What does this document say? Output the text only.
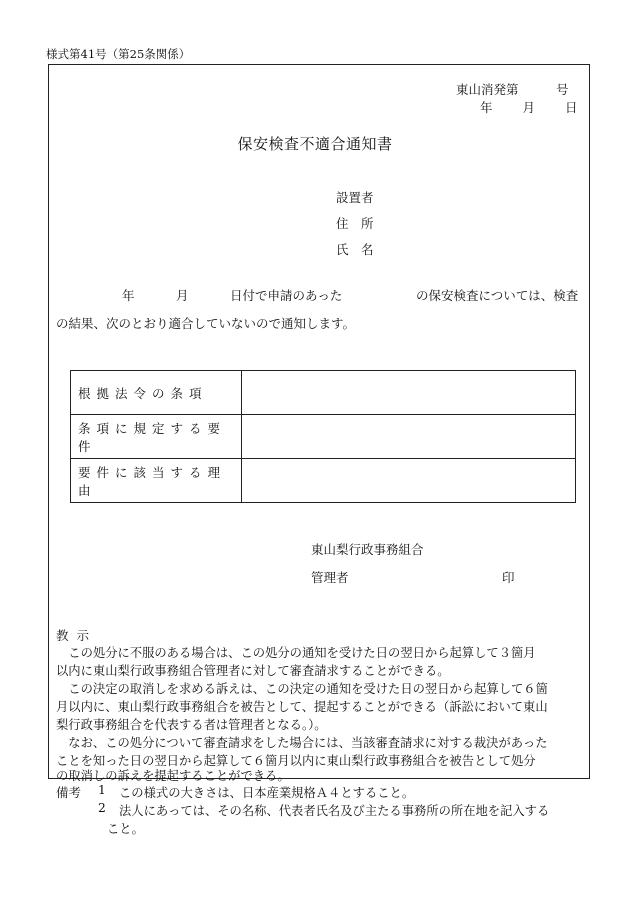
様式第41号（第25条関係）
東山消発第　　　号
年 月 日
保安検査不適合通知書
設置者
住　所
氏　名
年	月	日付で申請のあった	の保安検査については、検査
の結果、次のとおり適合していないので通知します。
根拠法令の条項	
条項に規定する要件	
要件に該当する理由	
東山梨行政事務組合
管理者	印
教示
　この処分に不服のある場合は、この処分の通知を受けた日の翌日から起算して３箇月
以内に東山梨行政事務組合管理者に対して審査請求することができる。
　この決定の取消しを求める訴えは、この決定の通知を受けた日の翌日から起算して６箇
月以内に、東山梨行政事務組合を被告として、提起することができる（訴訟において東山
梨行政事務組合を代表する者は管理者となる。）。
　なお、この処分について審査請求をした場合には、当該審査請求に対する裁決があった
ことを知った日の翌日から起算して６箇月以内に東山梨行政事務組合を被告として処分
の取消しの訴えを提起することができる。
備考 1 この様式の大きさは、日本産業規格Ａ４とすること。
2 法人にあっては、その名称、代表者氏名及び主たる事務所の所在地を記入する
こと。
